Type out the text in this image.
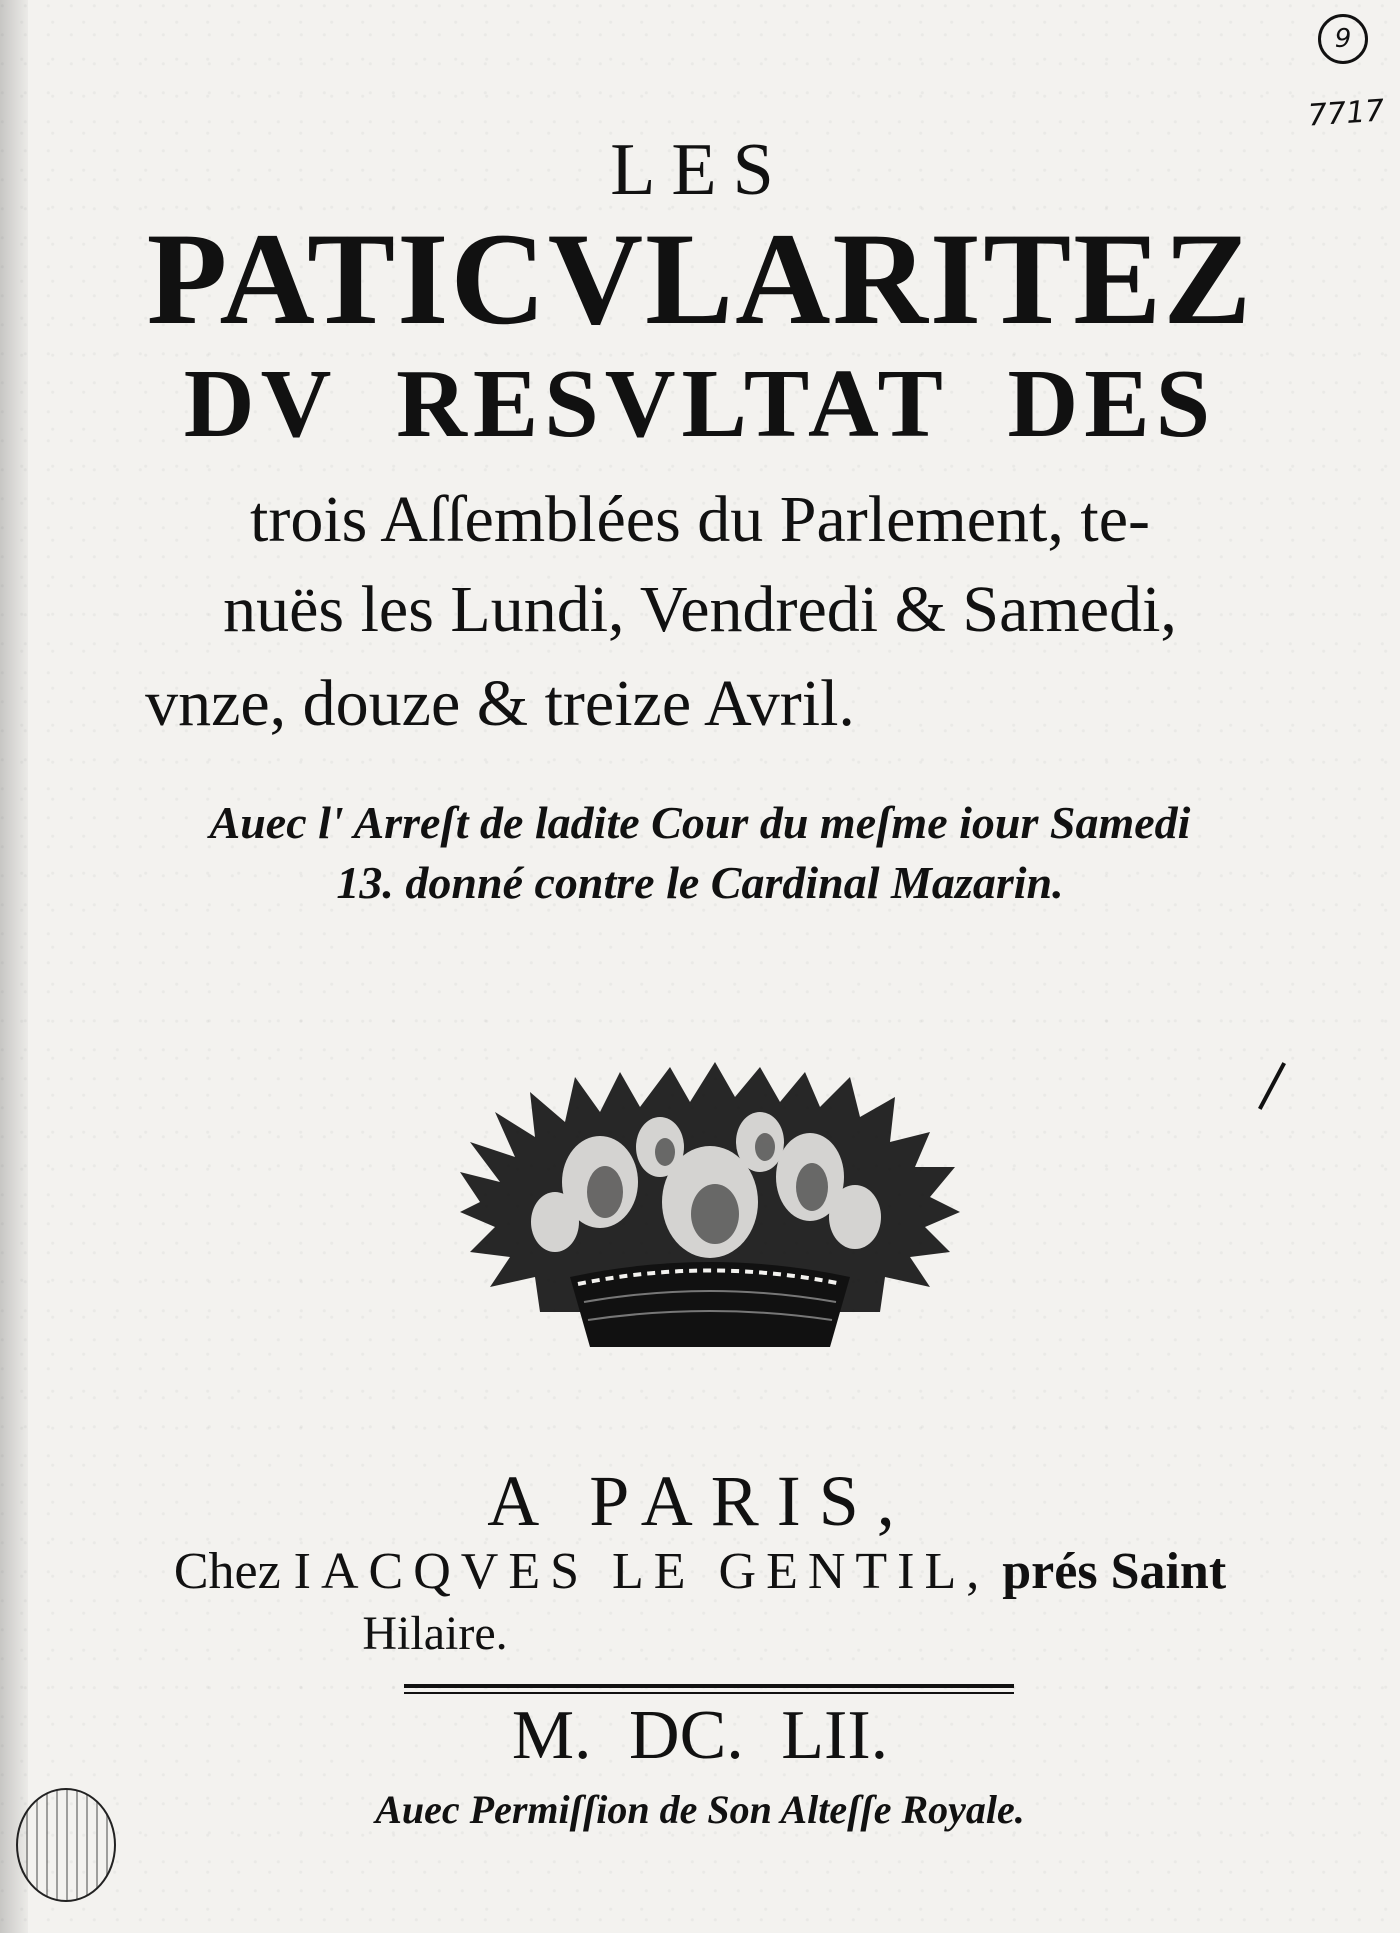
9
7717
LES
PATICVLARITEZ
DV RESVLTAT DES
trois Aſſemblées du Parlement, te-
nuës les Lundi, Vendredi & Samedi,
vnze, douze & treize Avril.
Auec l' Arreſt de ladite Cour du meſme iour Samedi
13. donné contre le Cardinal Mazarin.
A PARIS,
Chez IACQVES LE GENTIL, prés Saint
Hilaire.
M. DC. LII.
Auec Permiſſion de Son Alteſſe Royale.
